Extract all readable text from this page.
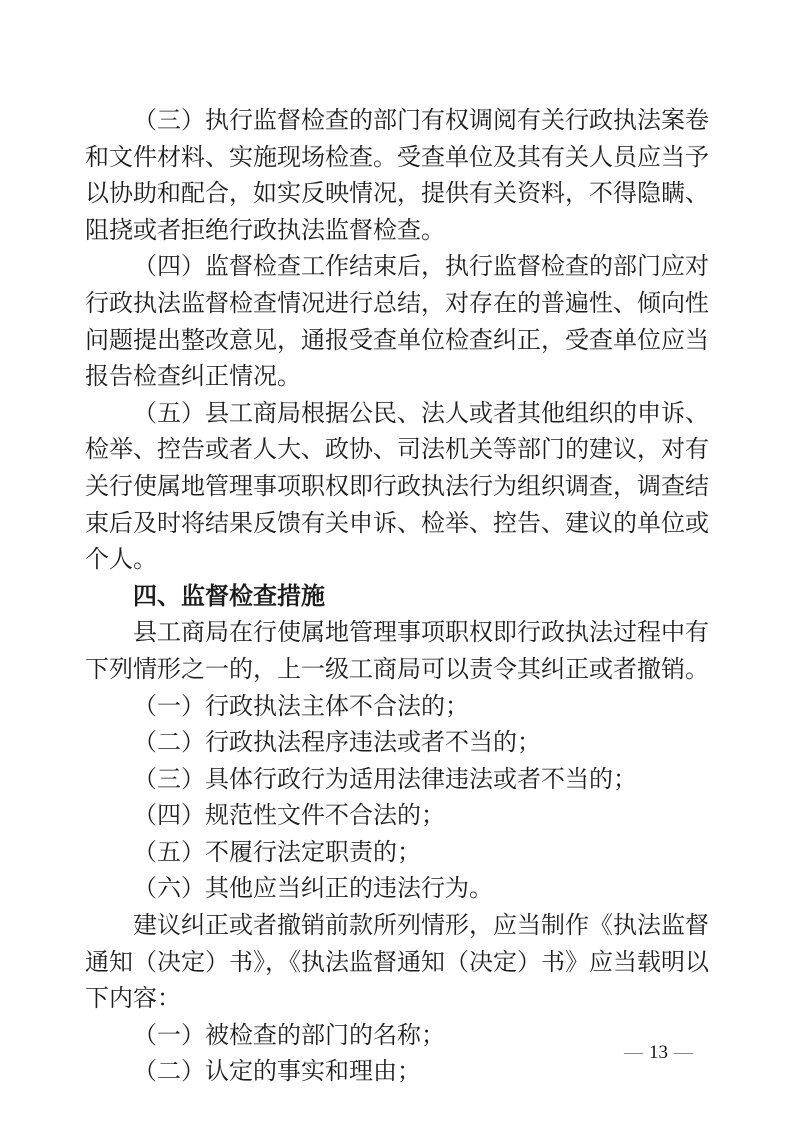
（三）执行监督检查的部门有权调阅有关行政执法案卷和文件材料、实施现场检查。受查单位及其有关人员应当予以协助和配合，如实反映情况，提供有关资料，不得隐瞒、阻挠或者拒绝行政执法监督检查。

（四）监督检查工作结束后，执行监督检查的部门应对行政执法监督检查情况进行总结，对存在的普遍性、倾向性问题提出整改意见，通报受查单位检查纠正，受查单位应当报告检查纠正情况。

（五）县工商局根据公民、法人或者其他组织的申诉、检举、控告或者人大、政协、司法机关等部门的建议，对有关行使属地管理事项职权即行政执法行为组织调查，调查结束后及时将结果反馈有关申诉、检举、控告、建议的单位或个人。

四、监督检查措施

县工商局在行使属地管理事项职权即行政执法过程中有下列情形之一的，上一级工商局可以责令其纠正或者撤销。

（一）行政执法主体不合法的；

（二）行政执法程序违法或者不当的；

（三）具体行政行为适用法律违法或者不当的；

（四）规范性文件不合法的；

（五）不履行法定职责的；

（六）其他应当纠正的违法行为。

建议纠正或者撤销前款所列情形，应当制作《执法监督通知（决定）书》，《执法监督通知（决定）书》应当载明以下内容：

（一）被检查的部门的名称；

（二）认定的事实和理由；

— 13 —
